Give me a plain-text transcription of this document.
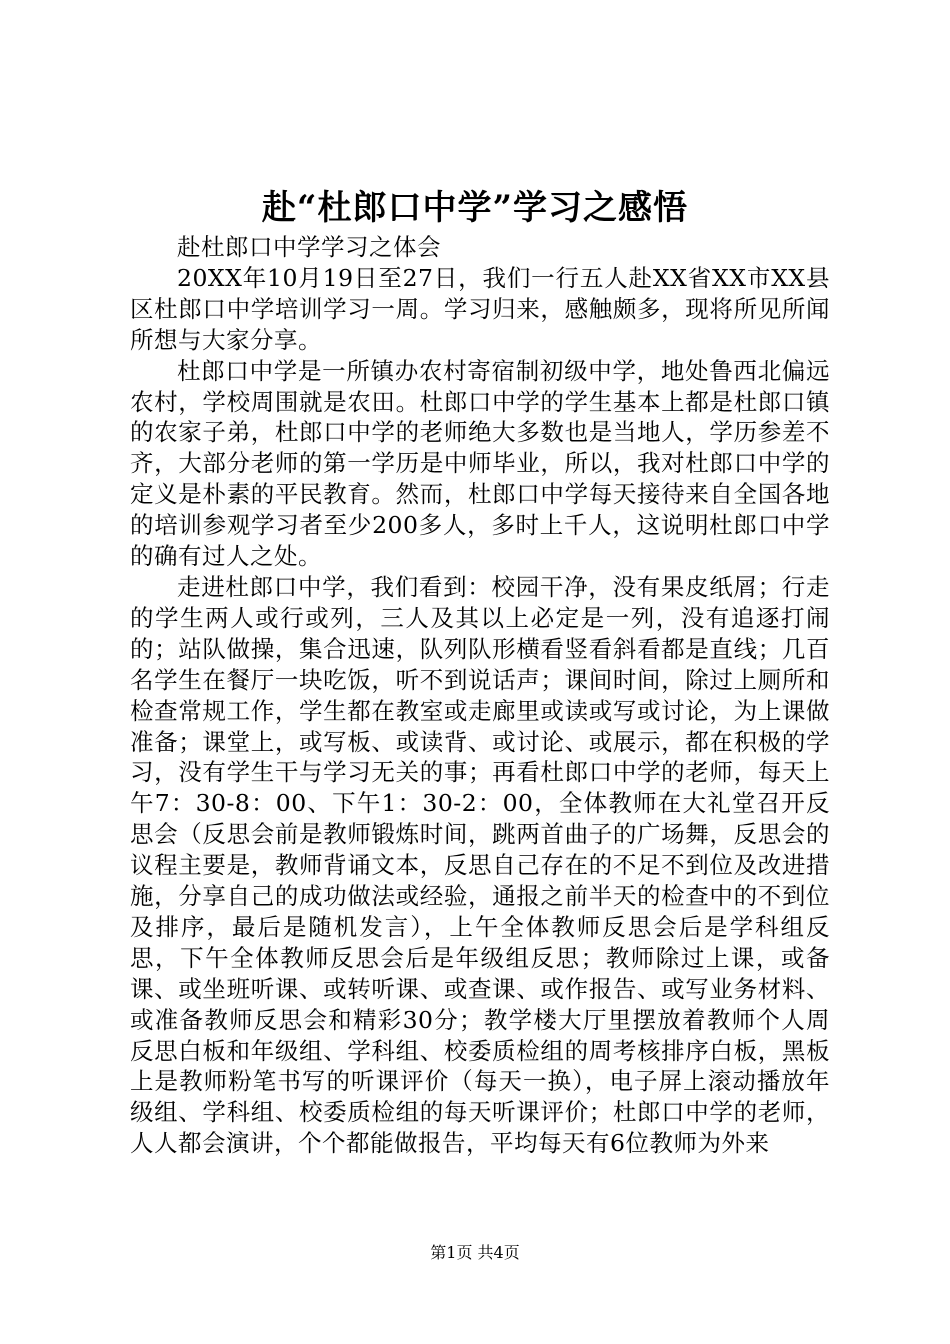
赴“杜郎口中学”学习之感悟

赴杜郎口中学学习之体会

20XX年10月19日至27日，我们一行五人赴XX省XX市XX县区杜郎口中学培训学习一周。学习归来，感触颇多，现将所见所闻所想与大家分享。

杜郎口中学是一所镇办农村寄宿制初级中学，地处鲁西北偏远农村，学校周围就是农田。杜郎口中学的学生基本上都是杜郎口镇的农家子弟，杜郎口中学的老师绝大多数也是当地人，学历参差不齐，大部分老师的第一学历是中师毕业，所以，我对杜郎口中学的定义是朴素的平民教育。然而，杜郎口中学每天接待来自全国各地的培训参观学习者至少200多人，多时上千人，这说明杜郎口中学的确有过人之处。

走进杜郎口中学，我们看到：校园干净，没有果皮纸屑；行走的学生两人或行或列，三人及其以上必定是一列，没有追逐打闹的；站队做操，集合迅速，队列队形横看竖看斜看都是直线；几百名学生在餐厅一块吃饭，听不到说话声；课间时间，除过上厕所和检查常规工作，学生都在教室或走廊里或读或写或讨论，为上课做准备；课堂上，或写板、或读背、或讨论、或展示，都在积极的学习，没有学生干与学习无关的事；再看杜郎口中学的老师，每天上午7：30-8：00、下午1：30-2：00，全体教师在大礼堂召开反思会（反思会前是教师锻炼时间，跳两首曲子的广场舞，反思会的议程主要是，教师背诵文本，反思自己存在的不足不到位及改进措施，分享自己的成功做法或经验，通报之前半天的检查中的不到位及排序，最后是随机发言），上午全体教师反思会后是学科组反思，下午全体教师反思会后是年级组反思；教师除过上课，或备课、或坐班听课、或转听课、或查课、或作报告、或写业务材料、或准备教师反思会和精彩30分；教学楼大厅里摆放着教师个人周反思白板和年级组、学科组、校委质检组的周考核排序白板，黑板上是教师粉笔书写的听课评价（每天一换），电子屏上滚动播放年级组、学科组、校委质检组的每天听课评价；杜郎口中学的老师，人人都会演讲，个个都能做报告，平均每天有6位教师为外来

第1页 共4页
